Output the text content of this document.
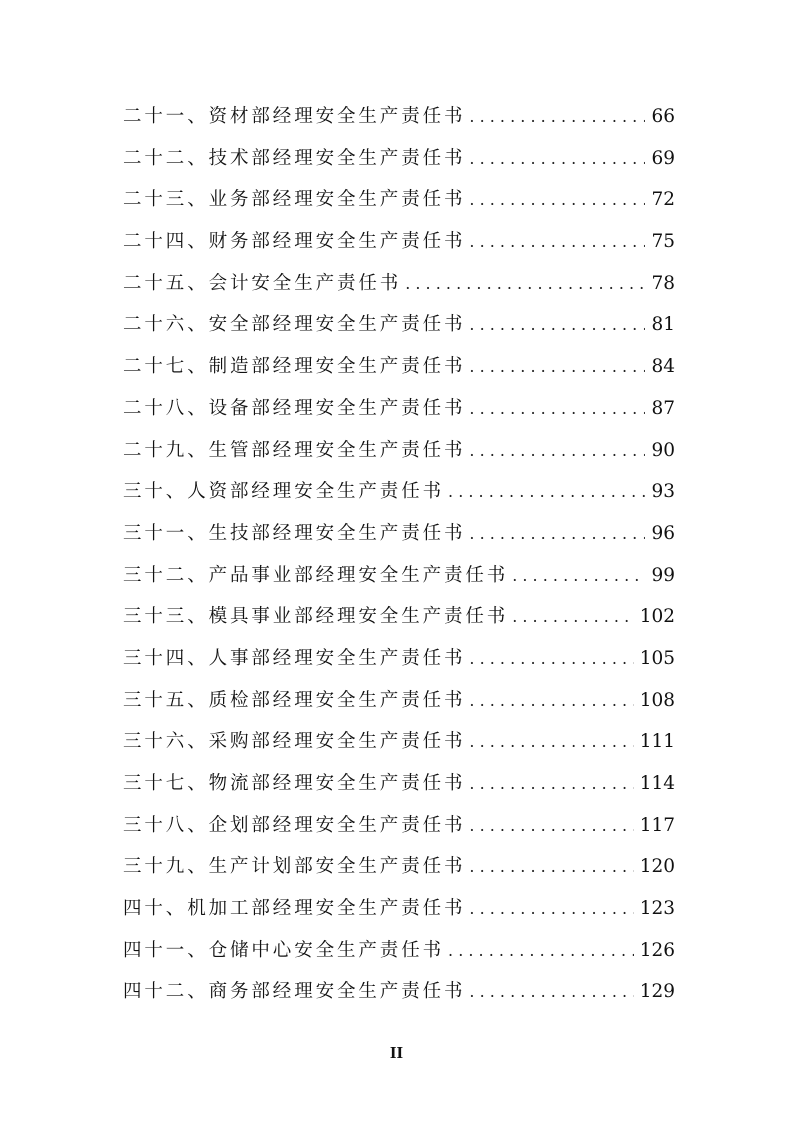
二十一、资材部经理安全生产责任书 . . .	66
二十二、技术部经理安全生产责任书 . . .	69
二十三、业务部经理安全生产责任书 . . .	72
二十四、财务部经理安全生产责任书 . . .	75
二十五、会计安全生产责任书 . . .	78
二十六、安全部经理安全生产责任书 . . .	81
二十七、制造部经理安全生产责任书 . . .	84
二十八、设备部经理安全生产责任书 . . .	87
二十九、生管部经理安全生产责任书 . . .	90
三十、人资部经理安全生产责任书 . . .	93
三十一、生技部经理安全生产责任书 . . .	96
三十二、产品事业部经理安全生产责任书 . . .	99
三十三、模具事业部经理安全生产责任书 . . .	102
三十四、人事部经理安全生产责任书 . . .	105
三十五、质检部经理安全生产责任书 . . .	108
三十六、采购部经理安全生产责任书 . . .	111
三十七、物流部经理安全生产责任书 . . .	114
三十八、企划部经理安全生产责任书 . . .	117
三十九、生产计划部安全生产责任书 . . .	120
四十、机加工部经理安全生产责任书 . . .	123
四十一、仓储中心安全生产责任书 . . .	126
四十二、商务部经理安全生产责任书 . . .	129
II
